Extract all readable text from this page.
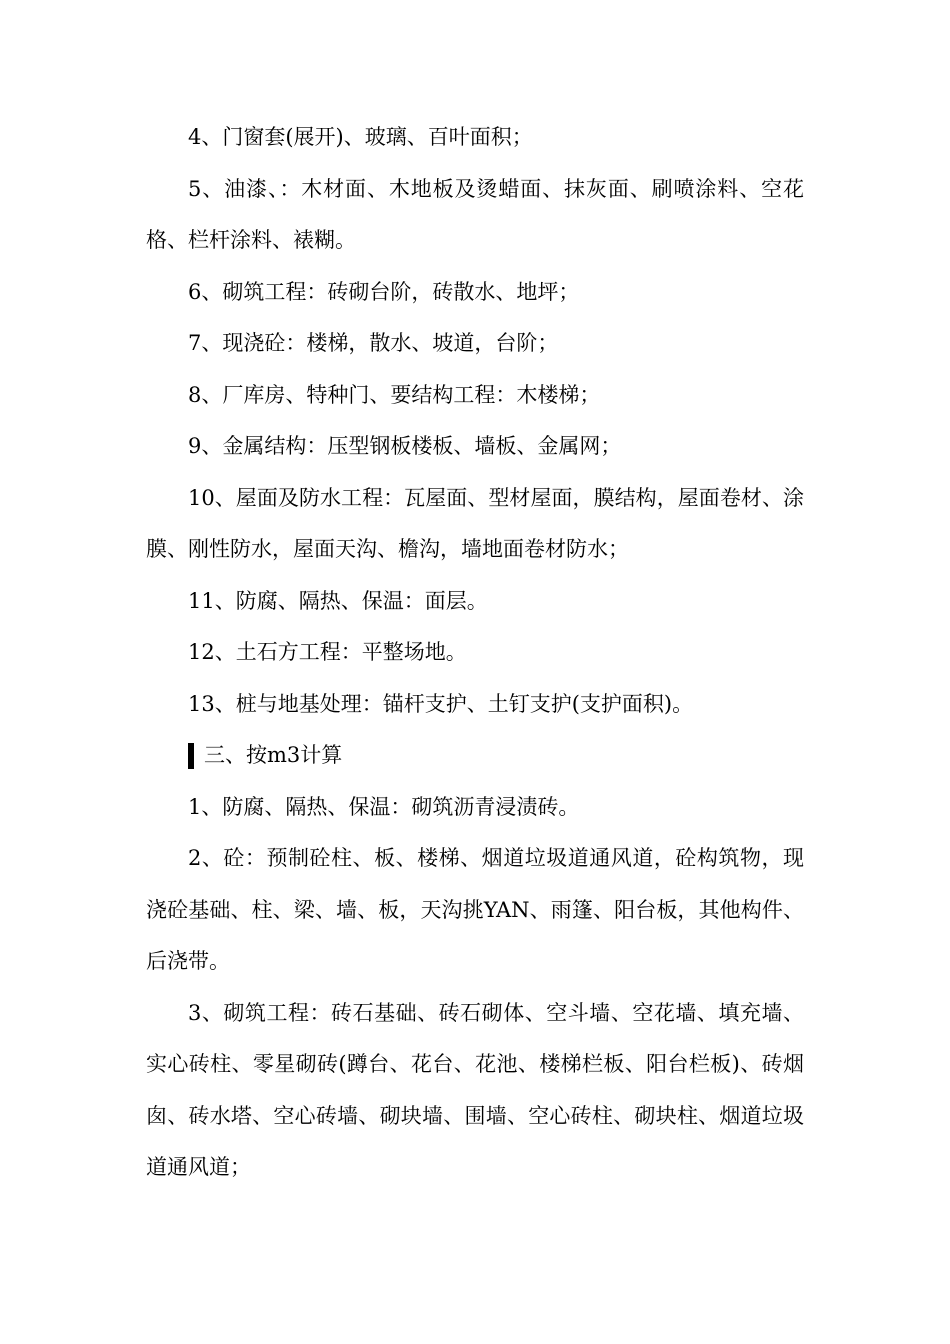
4、门窗套(展开)、玻璃、百叶面积；

5、油漆、：木材面、木地板及烫蜡面、抹灰面、刷喷涂料、空花格、栏杆涂料、裱糊。

6、砌筑工程：砖砌台阶，砖散水、地坪；

7、现浇砼：楼梯，散水、坡道，台阶；

8、厂库房、特种门、要结构工程：木楼梯；

9、金属结构：压型钢板楼板、墙板、金属网；

10、屋面及防水工程：瓦屋面、型材屋面，膜结构，屋面卷材、涂膜、刚性防水，屋面天沟、檐沟，墙地面卷材防水；

11、防腐、隔热、保温：面层。

12、土石方工程：平整场地。

13、桩与地基处理：锚杆支护、土钉支护(支护面积)。

三、按m3计算

1、防腐、隔热、保温：砌筑沥青浸渍砖。

2、砼：预制砼柱、板、楼梯、烟道垃圾道通风道，砼构筑物，现浇砼基础、柱、梁、墙、板，天沟挑YAN、雨篷、阳台板，其他构件、后浇带。

3、砌筑工程：砖石基础、砖石砌体、空斗墙、空花墙、填充墙、实心砖柱、零星砌砖(蹲台、花台、花池、楼梯栏板、阳台栏板)、砖烟囱、砖水塔、空心砖墙、砌块墙、围墙、空心砖柱、砌块柱、烟道垃圾道通风道；
